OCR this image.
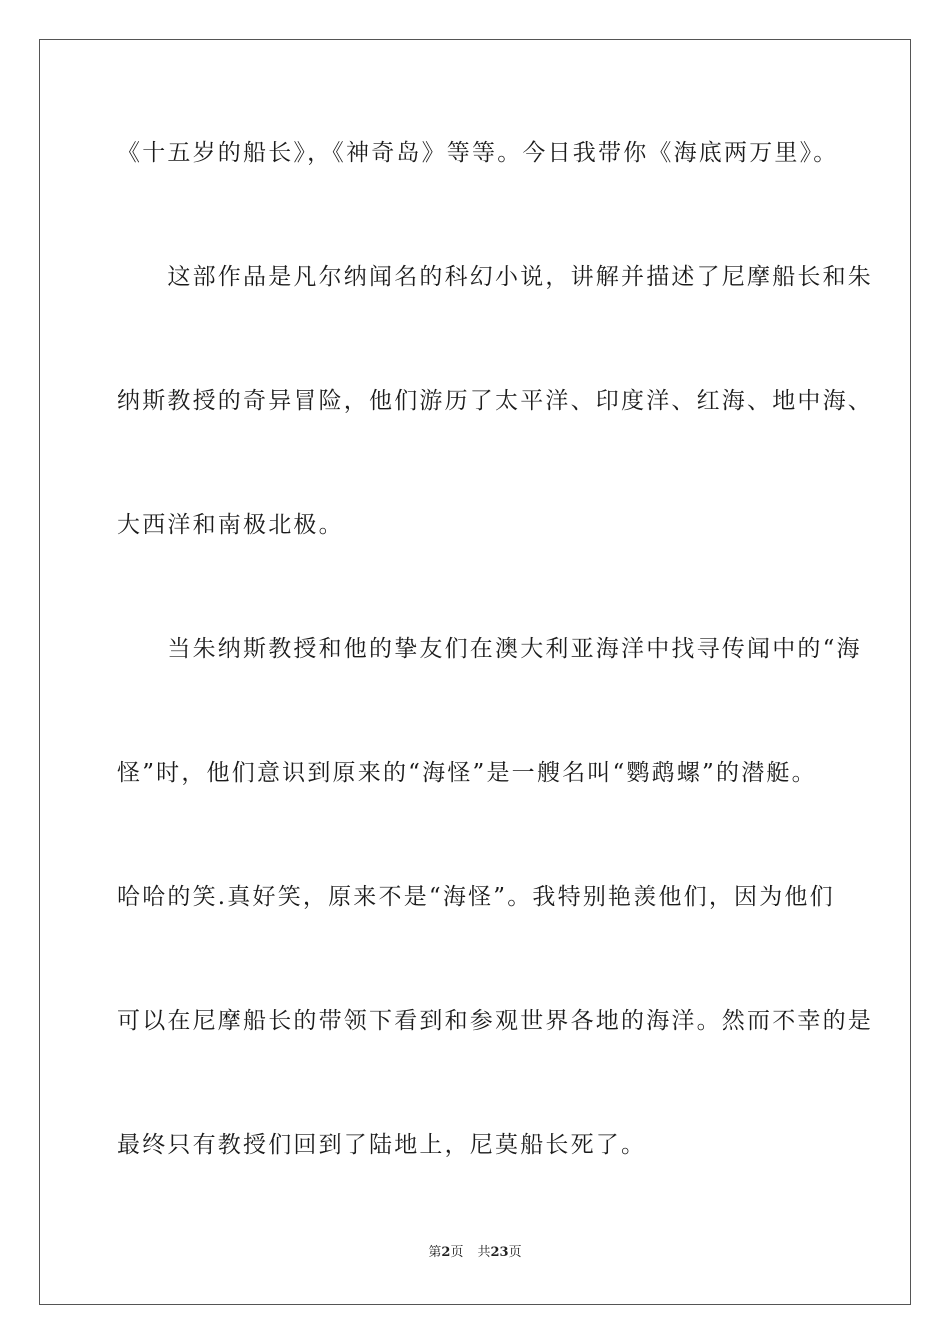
《十五岁的船长》，《神奇岛》等等。今日我带你《海底两万里》。
　　这部作品是凡尔纳闻名的科幻小说，讲解并描述了尼摩船长和朱
纳斯教授的奇异冒险，他们游历了太平洋、印度洋、红海、地中海、
大西洋和南极北极。
　　当朱纳斯教授和他的挚友们在澳大利亚海洋中找寻传闻中的“海
怪”时，他们意识到原来的“海怪”是一艘名叫“鹦鹉螺”的潜艇。
哈哈的笑.真好笑，原来不是“海怪”。我特别艳羡他们，因为他们
可以在尼摩船长的带领下看到和参观世界各地的海洋。然而不幸的是
最终只有教授们回到了陆地上，尼莫船长死了。
第2页 共23页
